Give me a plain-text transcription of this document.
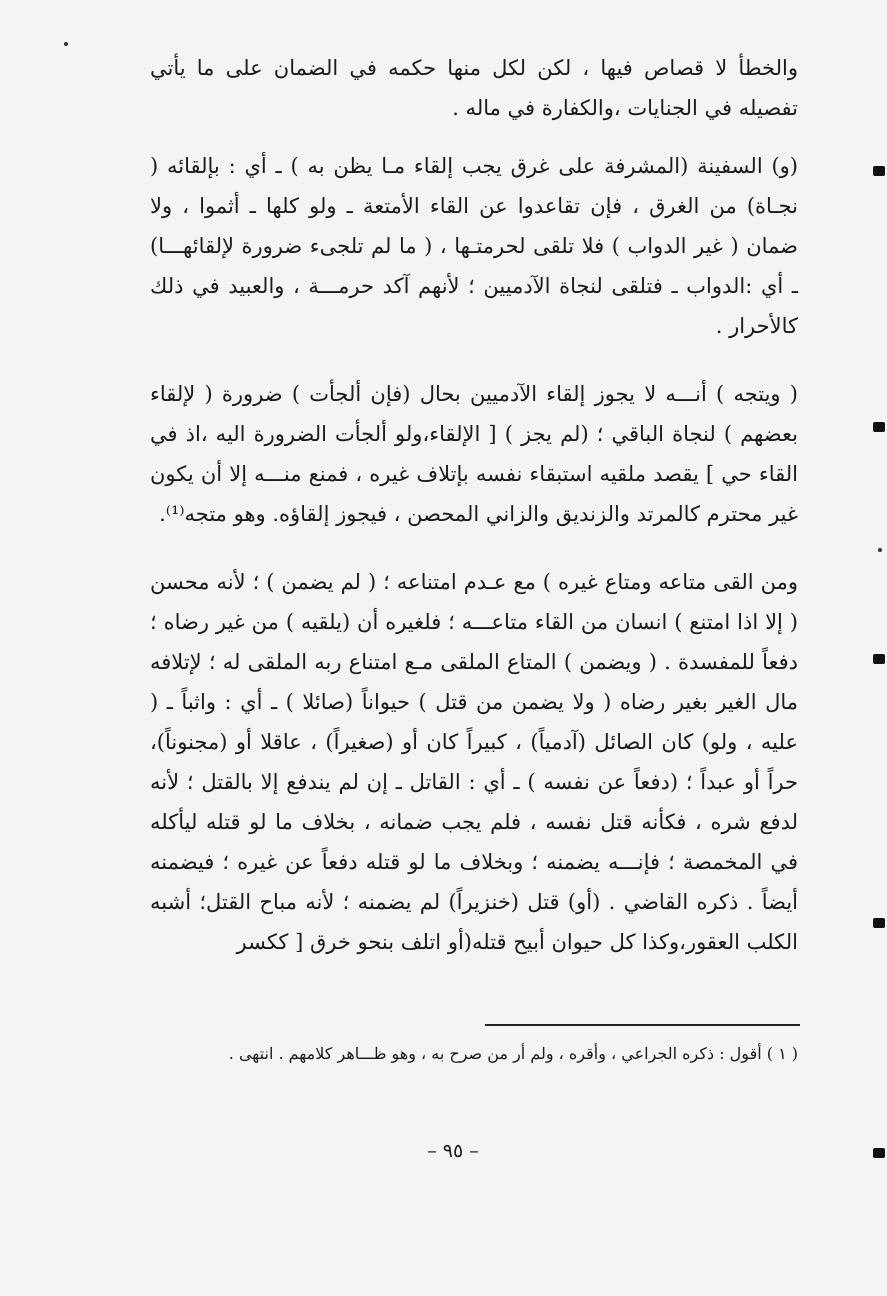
والخطأ لا قصاص فيها ، لكن لكل منها حكمه في الضمان على ما يأتي تفصيله في الجنايات ،والكفارة في ماله .

(و) السفينة (المشرفة على غرق يجب إلقاء مـا يظن به ) ـ أي : بإلقائه ( نجـاة) من الغرق ، فإن تقاعدوا عن القاء الأمتعة ـ ولو كلها ـ أثموا ، ولا ضمان ( غير الدواب ) فلا تلقى لحرمتـها ، ( ما لم تلجىء ضرورة لإلقائهـــا) ـ أي :الدواب ـ فتلقى لنجاة الآدميين ؛ لأنهم آكد حرمـــة ، والعبيد في ذلك كالأحرار .

( ويتجه ) أنـــه لا يجوز إلقاء الآدميين بحال (فإن ألجأت ) ضرورة ( لإلقاء بعضهم ) لنجاة الباقي ؛ (لم يجز ) [ الإلقاء،ولو ألجأت الضرورة اليه ،اذ في القاء حي ] يقصد ملقيه استبقاء نفسه بإتلاف غيره ، فمنع منـــه إلا أن يكون غير محترم كالمرتد والزنديق والزاني المحصن ، فيجوز إلقاؤه. وهو متجه⁽¹⁾.

ومن القى متاعه ومتاع غيره ) مع عـدم امتناعه ؛ ( لم يضمن ) ؛ لأنه محسن ( إلا اذا امتنع ) انسان من القاء متاعـــه ؛ فلغيره أن (يلقيه ) من غير رضاه ؛ دفعاً للمفسدة . ( ويضمن ) المتاع الملقى مـع امتناع ربه الملقى له ؛ لإتلافه مال الغير بغير رضاه ( ولا يضمن من قتل ) حيواناً (صائلا ) ـ أي : واثباً ـ ( عليه ، ولو) كان الصائل (آدمياً) ، كبيراً كان أو (صغيراً) ، عاقلا أو (مجنوناً)، حراً أو عبداً ؛ (دفعاً عن نفسه ) ـ أي : القاتل ـ إن لم يندفع إلا بالقتل ؛ لأنه لدفع شره ، فكأنه قتل نفسه ، فلم يجب ضمانه ، بخلاف ما لو قتله ليأكله في المخمصة ؛ فإنـــه يضمنه ؛ وبخلاف ما لو قتله دفعاً عن غيره ؛ فيضمنه أيضاً . ذكره القاضي . (أو) قتل (خنزيراً) لم يضمنه ؛ لأنه مباح القتل؛ أشبه الكلب العقور،وكذا كل حيوان أبيح قتله(أو اتلف بنحو خرق [ ككسر

( ١ ) أقول : ذكره الجراعي ، وأقره ، ولم أر من صرح به ، وهو ظـــاهر كلامهم . انتهى .
– ٩٥ –
